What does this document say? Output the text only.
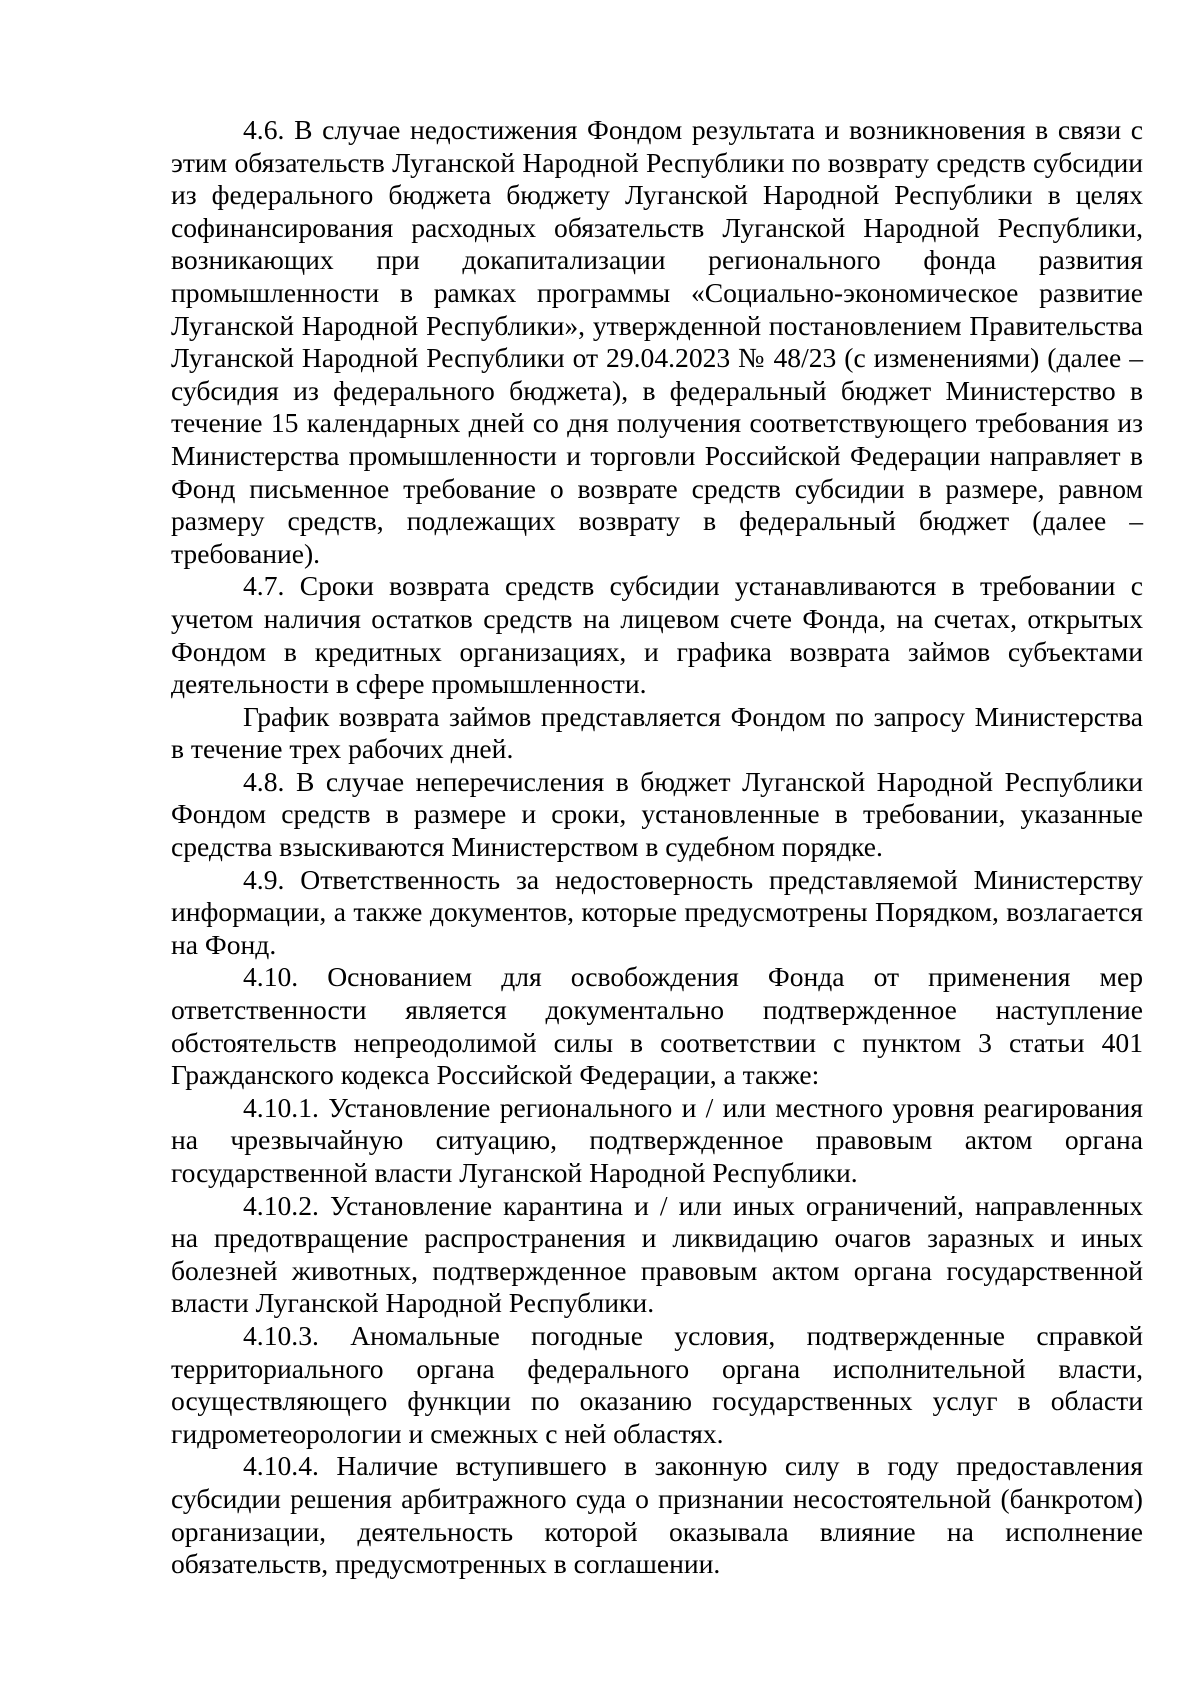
4.6. В случае недостижения Фондом результата и возникновения в связи с этим обязательств Луганской Народной Республики по возврату средств субсидии из федерального бюджета бюджету Луганской Народной Республики в целях софинансирования расходных обязательств Луганской Народной Республики, возникающих при докапитализации регионального фонда развития промышленности в рамках программы «Социально-экономическое развитие Луганской Народной Республики», утвержденной постановлением Правительства Луганской Народной Республики от 29.04.2023 № 48/23 (с изменениями) (далее – субсидия из федерального бюджета), в федеральный бюджет Министерство в течение 15 календарных дней со дня получения соответствующего требования из Министерства промышленности и торговли Российской Федерации направляет в Фонд письменное требование о возврате средств субсидии в размере, равном размеру средств, подлежащих возврату в федеральный бюджет (далее – требование).

4.7. Сроки возврата средств субсидии устанавливаются в требовании с учетом наличия остатков средств на лицевом счете Фонда, на счетах, открытых Фондом в кредитных организациях, и графика возврата займов субъектами деятельности в сфере промышленности.

График возврата займов представляется Фондом по запросу Министерства в течение трех рабочих дней.

4.8. В случае неперечисления в бюджет Луганской Народной Республики Фондом средств в размере и сроки, установленные в требовании, указанные средства взыскиваются Министерством в судебном порядке.

4.9. Ответственность за недостоверность представляемой Министерству информации, а также документов, которые предусмотрены Порядком, возлагается на Фонд.

4.10. Основанием для освобождения Фонда от применения мер ответственности является документально подтвержденное наступление обстоятельств непреодолимой силы в соответствии с пунктом 3 статьи 401 Гражданского кодекса Российской Федерации, а также:

4.10.1. Установление регионального и / или местного уровня реагирования на чрезвычайную ситуацию, подтвержденное правовым актом органа государственной власти Луганской Народной Республики.

4.10.2. Установление карантина и / или иных ограничений, направленных на предотвращение распространения и ликвидацию очагов заразных и иных болезней животных, подтвержденное правовым актом органа государственной власти Луганской Народной Республики.

4.10.3. Аномальные погодные условия, подтвержденные справкой территориального органа федерального органа исполнительной власти, осуществляющего функции по оказанию государственных услуг в области гидрометеорологии и смежных с ней областях.

4.10.4. Наличие вступившего в законную силу в году предоставления субсидии решения арбитражного суда о признании несостоятельной (банкротом) организации, деятельность которой оказывала влияние на исполнение обязательств, предусмотренных в соглашении.
